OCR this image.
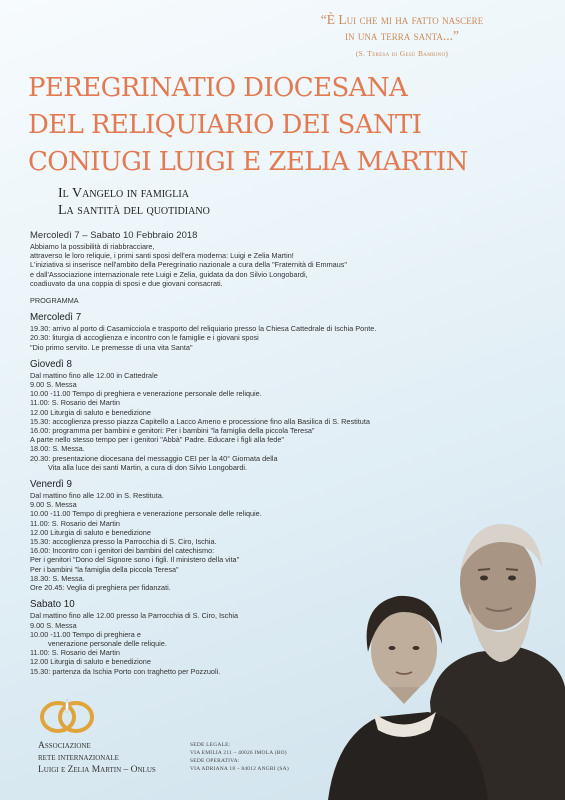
“È Lui che mi ha fatto nascere
in una terra santa...”
(S. Teresa di Gesù Bambino)
PEREGRINATIO DIOCESANA
DEL RELIQUIARIO DEI SANTI
CONIUGI LUIGI E ZELIA MARTIN
Il Vangelo in famiglia
La santità del quotidiano
Mercoledì 7 – Sabato 10 Febbraio 2018
Abbiamo la possibilità di riabbracciare,
attraverso le loro reliquie, i primi santi sposi dell'era moderna: Luigi e Zelia Martin!
L'iniziativa si inserisce nell'ambito della Peregrinatio nazionale a cura della "Fraternità di Emmaus"
e dall'Associazione internazionale rete Luigi e Zelia, guidata da don Silvio Longobardi,
coadiuvato da una coppia di sposi e due giovani consacrati.
PROGRAMMA
Mercoledì 7
19.30: arrivo al porto di Casamicciola e trasporto del reliquiario presso la Chiesa Cattedrale di Ischia Ponte.
20.30: liturgia di accoglienza e incontro con le famiglie e i giovani sposi
"Dio primo servito. Le premesse di una vita Santa"
Giovedì 8
Dal mattino fino alle 12.00 in Cattedrale
9.00 S. Messa
10.00 -11.00 Tempo di preghiera e venerazione personale delle reliquie.
11.00: S. Rosario dei Martin
12.00 Liturgia di saluto e benedizione
15.30: accoglienza presso piazza Capitello a Lacco Ameno e processione fino alla Basilica di S. Restituta
16.00: programma per bambini e genitori: Per i bambini "la famiglia della piccola Teresa"
A parte nello stesso tempo per i genitori "Abbà" Padre. Educare i figli alla fede"
18.00: S. Messa.
20.30: presentazione diocesana del messaggio CEI per la 40° Giornata della
Vita alla luce dei santi Martin, a cura di don Silvio Longobardi.
Venerdì 9
Dal mattino fino alle 12.00 in S. Restituta.
9.00 S. Messa
10.00 -11.00 Tempo di preghiera e venerazione personale delle reliquie.
11.00: S. Rosario dei Martin
12.00 Liturgia di saluto e benedizione
15.30: accoglienza presso la Parrocchia di S. Ciro, Ischia.
16.00: Incontro con i genitori dei bambini del catechismo:
Per i genitori "Dono del Signore sono i figli. Il ministero della vita"
Per i bambini "la famiglia della piccola Teresa"
18.30: S. Messa.
Ore 20.45: Veglia di preghiera per fidanzati.
Sabato 10
Dal mattino fino alle 12.00 presso la Parrocchia di S. Ciro, Ischia
9.00 S. Messa
10.00 -11.00 Tempo di preghiera e
venerazione personale delle reliquie.
11.00: S. Rosario dei Martin
12.00 Liturgia di saluto e benedizione
15.30: partenza da Ischia Porto con traghetto per Pozzuoli.
Associazione
rete internazionale
Luigi e Zelia Martin – Onlus
SEDE LEGALE:
VIA EMILIA 211 – 40026 IMOLA (BO)
SEDE OPERATIVA:
VIA ADRIANA 18 – 84012 ANGRI (SA)
